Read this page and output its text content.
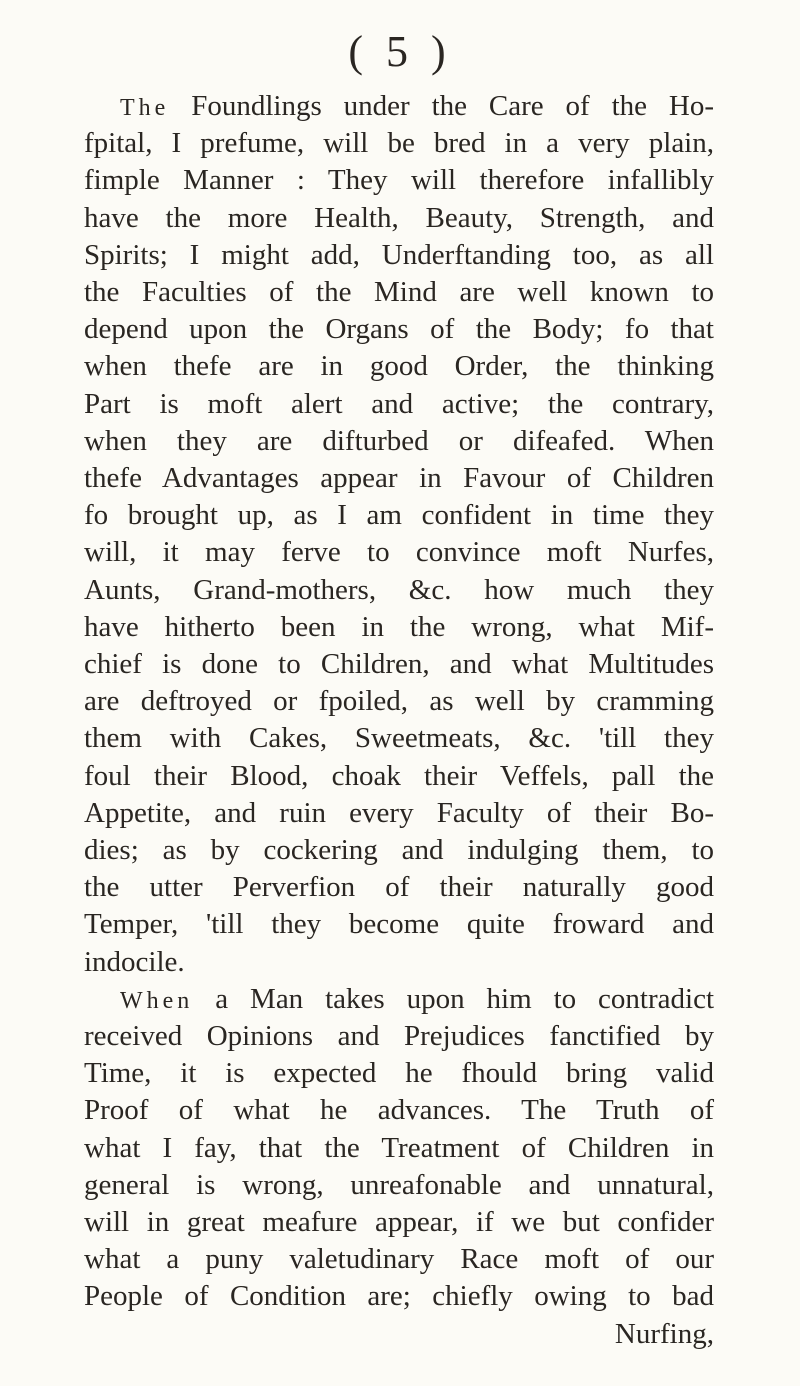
( 5 )
The Foundlings under the Care of the Ho-
fpital, I prefume, will be bred in a very plain,
fimple Manner : They will therefore infallibly
have the more Health, Beauty, Strength, and
Spirits; I might add, Underftanding too, as all
the Faculties of the Mind are well known to
depend upon the Organs of the Body; fo that
when thefe are in good Order, the thinking
Part is moft alert and active; the contrary,
when they are difturbed or difeafed. When
thefe Advantages appear in Favour of Children
fo brought up, as I am confident in time they
will, it may ferve to convince moft Nurfes,
Aunts, Grand-mothers, &c. how much they
have hitherto been in the wrong, what Mif-
chief is done to Children, and what Multitudes
are deftroyed or fpoiled, as well by cramming
them with Cakes, Sweetmeats, &c. 'till they
foul their Blood, choak their Veffels, pall the
Appetite, and ruin every Faculty of their Bo-
dies; as by cockering and indulging them, to
the utter Perverfion of their naturally good
Temper, 'till they become quite froward and
indocile.
When a Man takes upon him to contradict
received Opinions and Prejudices fanctified by
Time, it is expected he fhould bring valid
Proof of what he advances. The Truth of
what I fay, that the Treatment of Children in
general is wrong, unreafonable and unnatural,
will in great meafure appear, if we but confider
what a puny valetudinary Race moft of our
People of Condition are; chiefly owing to bad
Nurfing,
